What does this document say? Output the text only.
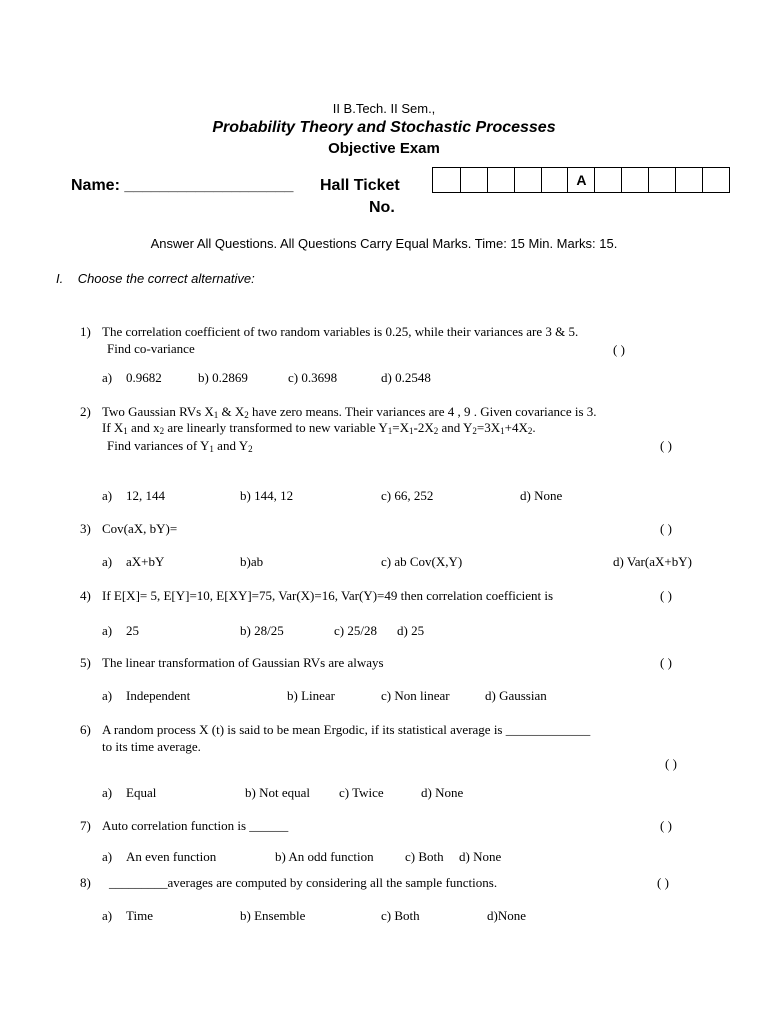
II B.Tech. II Sem.,
Probability Theory and Stochastic Processes
Objective Exam
Name: ___________________ Hall Ticket
No.
A
Answer All Questions. All Questions Carry Equal Marks. Time: 15 Min. Marks: 15.
I. Choose the correct alternative:
1) The correlation coefficient of two random variables is 0.25, while their variances are 3 & 5.
Find co-variance	( )
a) 0.9682	b) 0.2869	c) 0.3698	d) 0.2548
2) Two Gaussian RVs $X_1$ & $X_2$ have zero means. Their variances are 4 , 9 . Given covariance is 3.
If $X_1$ and $x_2$ are linearly transformed to new variable $Y_1=X_1-2X_2$ and $Y_2=3X_1+4X_2$.
Find variances of $Y_1$ and $Y_2$	( )
a) 12, 144	b) 144, 12	c) 66, 252	d) None
3) Cov(aX, bY)=	( )
a) aX+bY	b)ab	c) ab Cov(X,Y)	d) Var(aX+bY)
4) If E[X]= 5, E[Y]=10, E[XY]=75, Var(X)=16, Var(Y)=49 then correlation coefficient is	( )
a) 25	b) 28/25	c) 25/28 d) 25
5) The linear transformation of Gaussian RVs are always	( )
a) Independent	b) Linear	c) Non linear	d) Gaussian
6) A random process X (t) is said to be mean Ergodic, if its statistical average is _____________
to its time average.
( )
a) Equal	b) Not equal c) Twice	d) None
7) Auto correlation function is ______	( )
a) An even function	b) An odd function c) Both d) None
8) _________averages are computed by considering all the sample functions.	( )
a) Time	b) Ensemble	c) Both	d)None
